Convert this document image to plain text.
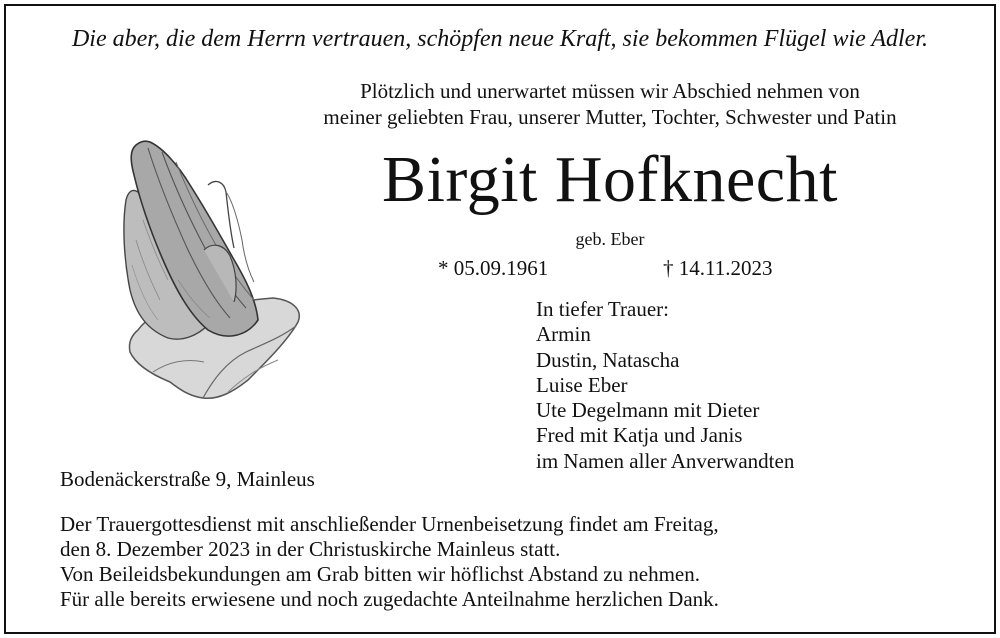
Die aber, die dem Herrn vertrauen, schöpfen neue Kraft, sie bekommen Flügel wie Adler.
Plötzlich und unerwartet müssen wir Abschied nehmen von
meiner geliebten Frau, unserer Mutter, Tochter, Schwester und Patin
Birgit Hofknecht
geb. Eber
* 05.09.1961	† 14.11.2023
In tiefer Trauer:
Armin
Dustin, Natascha
Luise Eber
Ute Degelmann mit Dieter
Fred mit Katja und Janis
im Namen aller Anverwandten
Bodenäckerstraße 9, Mainleus
Der Trauergottesdienst mit anschließender Urnenbeisetzung findet am Freitag,
den 8. Dezember 2023 in der Christuskirche Mainleus statt.
Von Beileidsbekundungen am Grab bitten wir höflichst Abstand zu nehmen.
Für alle bereits erwiesene und noch zugedachte Anteilnahme herzlichen Dank.
